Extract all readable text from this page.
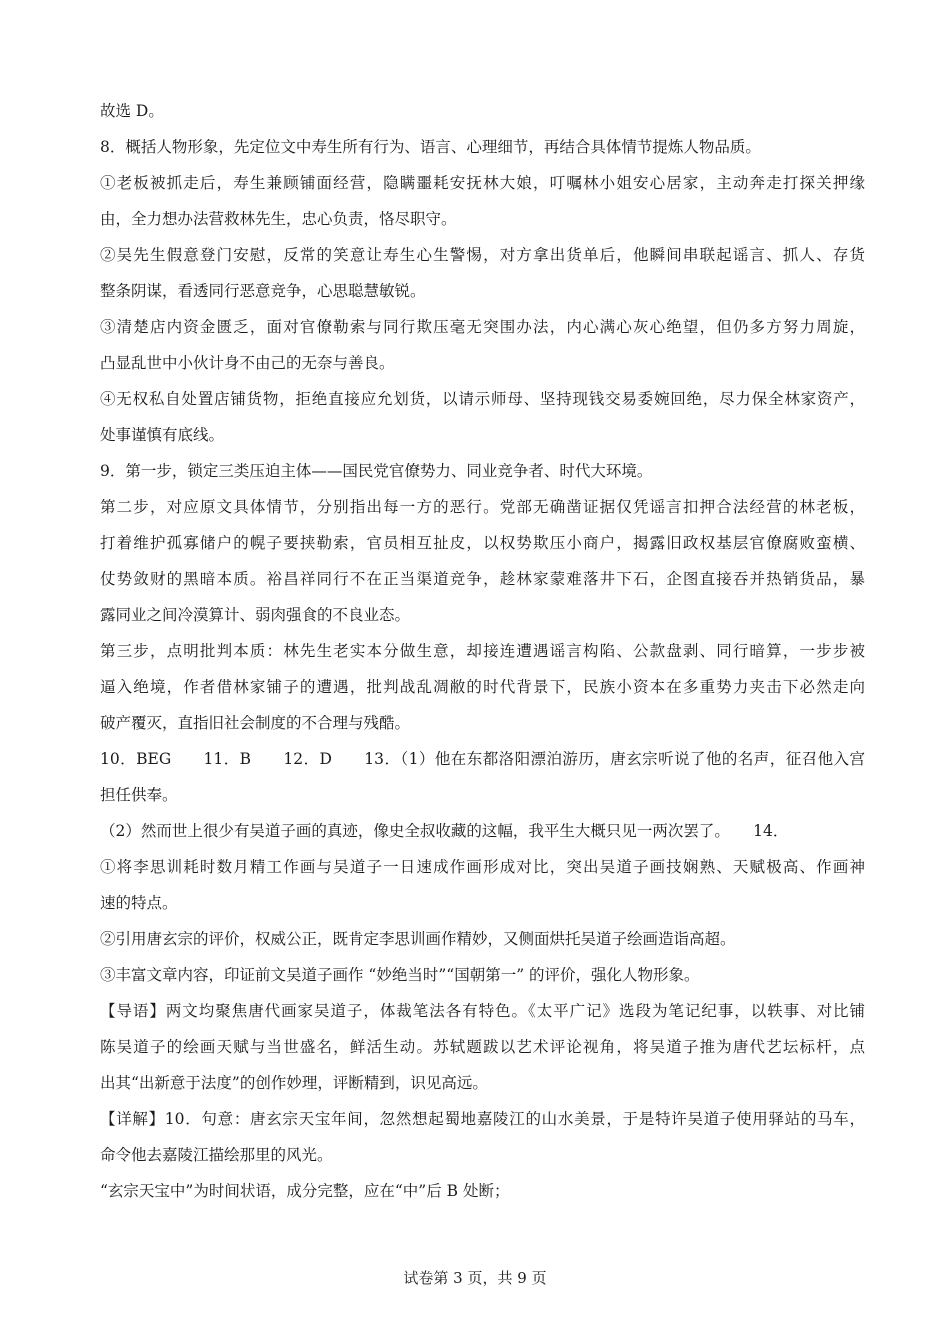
故选 D。
8．概括人物形象，先定位文中寿生所有行为、语言、心理细节，再结合具体情节提炼人物品质。
①老板被抓走后，寿生兼顾铺面经营，隐瞒噩耗安抚林大娘，叮嘱林小姐安心居家，主动奔走打探关押缘
由，全力想办法营救林先生，忠心负责，恪尽职守。
②吴先生假意登门安慰，反常的笑意让寿生心生警惕，对方拿出货单后，他瞬间串联起谣言、抓人、存货
整条阴谋，看透同行恶意竞争，心思聪慧敏锐。
③清楚店内资金匮乏，面对官僚勒索与同行欺压毫无突围办法，内心满心灰心绝望，但仍多方努力周旋，
凸显乱世中小伙计身不由己的无奈与善良。
④无权私自处置店铺货物，拒绝直接应允划货，以请示师母、坚持现钱交易委婉回绝，尽力保全林家资产，
处事谨慎有底线。
9．第一步，锁定三类压迫主体——国民党官僚势力、同业竞争者、时代大环境。
第二步，对应原文具体情节，分别指出每一方的恶行。党部无确凿证据仅凭谣言扣押合法经营的林老板，
打着维护孤寡储户的幌子要挟勒索，官员相互扯皮，以权势欺压小商户，揭露旧政权基层官僚腐败蛮横、
仗势敛财的黑暗本质。裕昌祥同行不在正当渠道竞争，趁林家蒙难落井下石，企图直接吞并热销货品，暴
露同业之间冷漠算计、弱肉强食的不良业态。
第三步，点明批判本质：林先生老实本分做生意，却接连遭遇谣言构陷、公款盘剥、同行暗算，一步步被
逼入绝境，作者借林家铺子的遭遇，批判战乱凋敝的时代背景下，民族小资本在多重势力夹击下必然走向
破产覆灭，直指旧社会制度的不合理与残酷。
10．BEG　　11．B　　12．D　　13．（1）他在东都洛阳漂泊游历，唐玄宗听说了他的名声，征召他入宫
担任供奉。
（2）然而世上很少有吴道子画的真迹，像史全叔收藏的这幅，我平生大概只见一两次罢了。　　14．
①将李思训耗时数月精工作画与吴道子一日速成作画形成对比，突出吴道子画技娴熟、天赋极高、作画神
速的特点。
②引用唐玄宗的评价，权威公正，既肯定李思训画作精妙，又侧面烘托吴道子绘画造诣高超。
③丰富文章内容，印证前文吴道子画作 “妙绝当时”“国朝第一” 的评价，强化人物形象。
【导语】两文均聚焦唐代画家吴道子，体裁笔法各有特色。《太平广记》选段为笔记纪事，以轶事、对比铺
陈吴道子的绘画天赋与当世盛名，鲜活生动。苏轼题跋以艺术评论视角，将吴道子推为唐代艺坛标杆，点
出其“出新意于法度”的创作妙理，评断精到，识见高远。
【详解】10．句意：唐玄宗天宝年间，忽然想起蜀地嘉陵江的山水美景，于是特许吴道子使用驿站的马车，
命令他去嘉陵江描绘那里的风光。
“玄宗天宝中”为时间状语，成分完整，应在“中”后 B 处断；
试卷第 3 页，共 9 页
